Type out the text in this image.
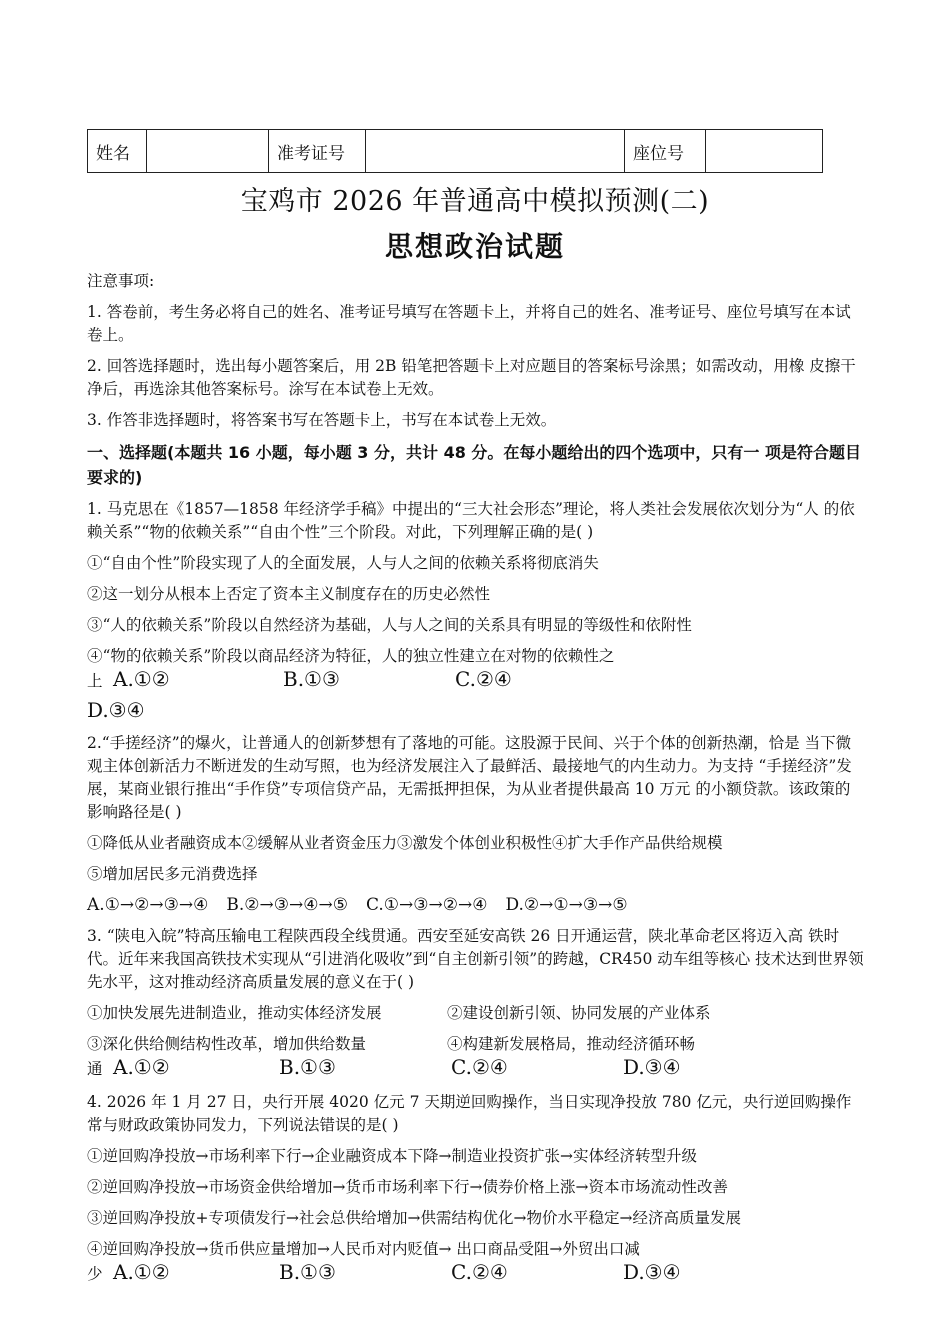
姓名		准考证号		座位号	
宝鸡市 2026 年普通高中模拟预测(二)
思想政治试题

注意事项:

1. 答卷前，考生务必将自己的姓名、准考证号填写在答题卡上，并将自己的姓名、准考证号、座位号填写在本试卷上。

2. 回答选择题时，选出每小题答案后，用 2B 铅笔把答题卡上对应题目的答案标号涂黑；如需改动，用橡 皮擦干净后，再选涂其他答案标号。涂写在本试卷上无效。

3. 作答非选择题时，将答案书写在答题卡上，书写在本试卷上无效。

一、选择题(本题共 16 小题，每小题 3 分，共计 48 分。在每小题给出的四个选项中，只有一 项是符合题目要求的)

1. 马克思在《1857—1858 年经济学手稿》中提出的“三大社会形态”理论，将人类社会发展依次划分为“人 的依赖关系”“物的依赖关系”“自由个性”三个阶段。对此，下列理解正确的是( )

①“自由个性”阶段实现了人的全面发展，人与人之间的依赖关系将彻底消失

②这一划分从根本上否定了资本主义制度存在的历史必然性

③“人的依赖关系”阶段以自然经济为基础，人与人之间的关系具有明显的等级性和依附性

④“物的依赖关系”阶段以商品经济为特征，人的独立性建立在对物的依赖性之

上 A.①②	B.①③	C.②④
D.③④

2.“手搓经济”的爆火，让普通人的创新梦想有了落地的可能。这股源于民间、兴于个体的创新热潮，恰是 当下微观主体创新活力不断迸发的生动写照，也为经济发展注入了最鲜活、最接地气的内生动力。为支持 “手搓经济”发展，某商业银行推出“手作贷”专项信贷产品，无需抵押担保，为从业者提供最高 10 万元 的小额贷款。该政策的影响路径是( )

①降低从业者融资成本②缓解从业者资金压力③激发个体创业积极性④扩大手作产品供给规模

⑤增加居民多元消费选择

A.①→②→③→④ B.②→③→④→⑤ C.①→③→②→④ D.②→①→③→⑤

3. “陕电入皖”特高压输电工程陕西段全线贯通。西安至延安高铁 26 日开通运营，陕北革命老区将迈入高 铁时代。近年来我国高铁技术实现从“引进消化吸收”到“自主创新引领”的跨越，CR450 动车组等核心 技术达到世界领先水平，这对推动经济高质量发展的意义在于( )

①加快发展先进制造业，推动实体经济发展	②建设创新引领、协同发展的产业体系
③深化供给侧结构性改革，增加供给数量	④构建新发展格局，推动经济循环畅
通 A.①②	B.①③	C.②④	D.③④

4. 2026 年 1 月 27 日，央行开展 4020 亿元 7 天期逆回购操作，当日实现净投放 780 亿元，央行逆回购操作 常与财政政策协同发力，下列说法错误的是( )

①逆回购净投放→市场利率下行→企业融资成本下降→制造业投资扩张→实体经济转型升级

②逆回购净投放→市场资金供给增加→货币市场利率下行→债券价格上涨→资本市场流动性改善

③逆回购净投放+专项债发行→社会总供给增加→供需结构优化→物价水平稳定→经济高质量发展

④逆回购净投放→货币供应量增加→人民币对内贬值→ 出口商品受阻→外贸出口减

少 A.①②	B.①③	C.②④	D.③④
